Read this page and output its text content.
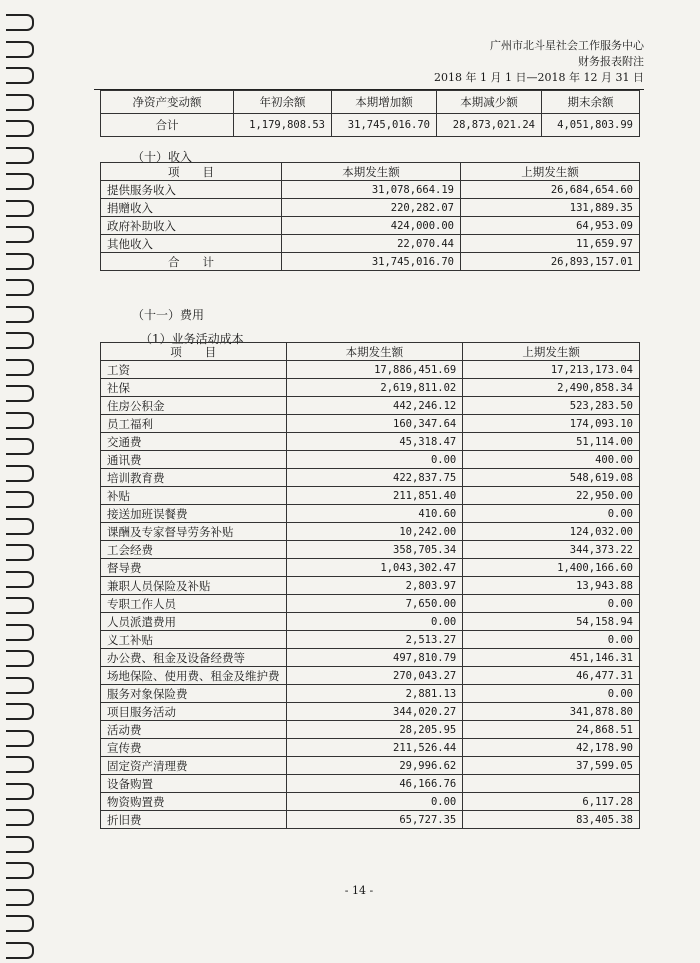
广州市北斗星社会工作服务中心
财务报表附注
2018 年 1 月 1 日—2018 年 12 月 31 日
净资产变动额	年初余额	本期增加额	本期减少额	期末余额
合计	1,179,808.53	31,745,016.70	28,873,021.24	4,051,803.99
（十）收入
项　　目	本期发生额	上期发生额
提供服务收入	31,078,664.19	26,684,654.60
捐赠收入	220,282.07	131,889.35
政府补助收入	424,000.00	64,953.09
其他收入	22,070.44	11,659.97
合　　计	31,745,016.70	26,893,157.01
（十一）费用
（1）业务活动成本
项　　目	本期发生额	上期发生额
工资	17,886,451.69	17,213,173.04
社保	2,619,811.02	2,490,858.34
住房公积金	442,246.12	523,283.50
员工福利	160,347.64	174,093.10
交通费	45,318.47	51,114.00
通讯费	0.00	400.00
培训教育费	422,837.75	548,619.08
补贴	211,851.40	22,950.00
接送加班误餐费	410.60	0.00
课酬及专家督导劳务补贴	10,242.00	124,032.00
工会经费	358,705.34	344,373.22
督导费	1,043,302.47	1,400,166.60
兼职人员保险及补贴	2,803.97	13,943.88
专职工作人员	7,650.00	0.00
人员派遣费用	0.00	54,158.94
义工补贴	2,513.27	0.00
办公费、租金及设备经费等	497,810.79	451,146.31
场地保险、使用费、租金及维护费	270,043.27	46,477.31
服务对象保险费	2,881.13	0.00
项目服务活动	344,020.27	341,878.80
活动费	28,205.95	24,868.51
宣传费	211,526.44	42,178.90
固定资产清理费	29,996.62	37,599.05
设备购置	46,166.76	
物资购置费	0.00	6,117.28
折旧费	65,727.35	83,405.38
- 14 -
